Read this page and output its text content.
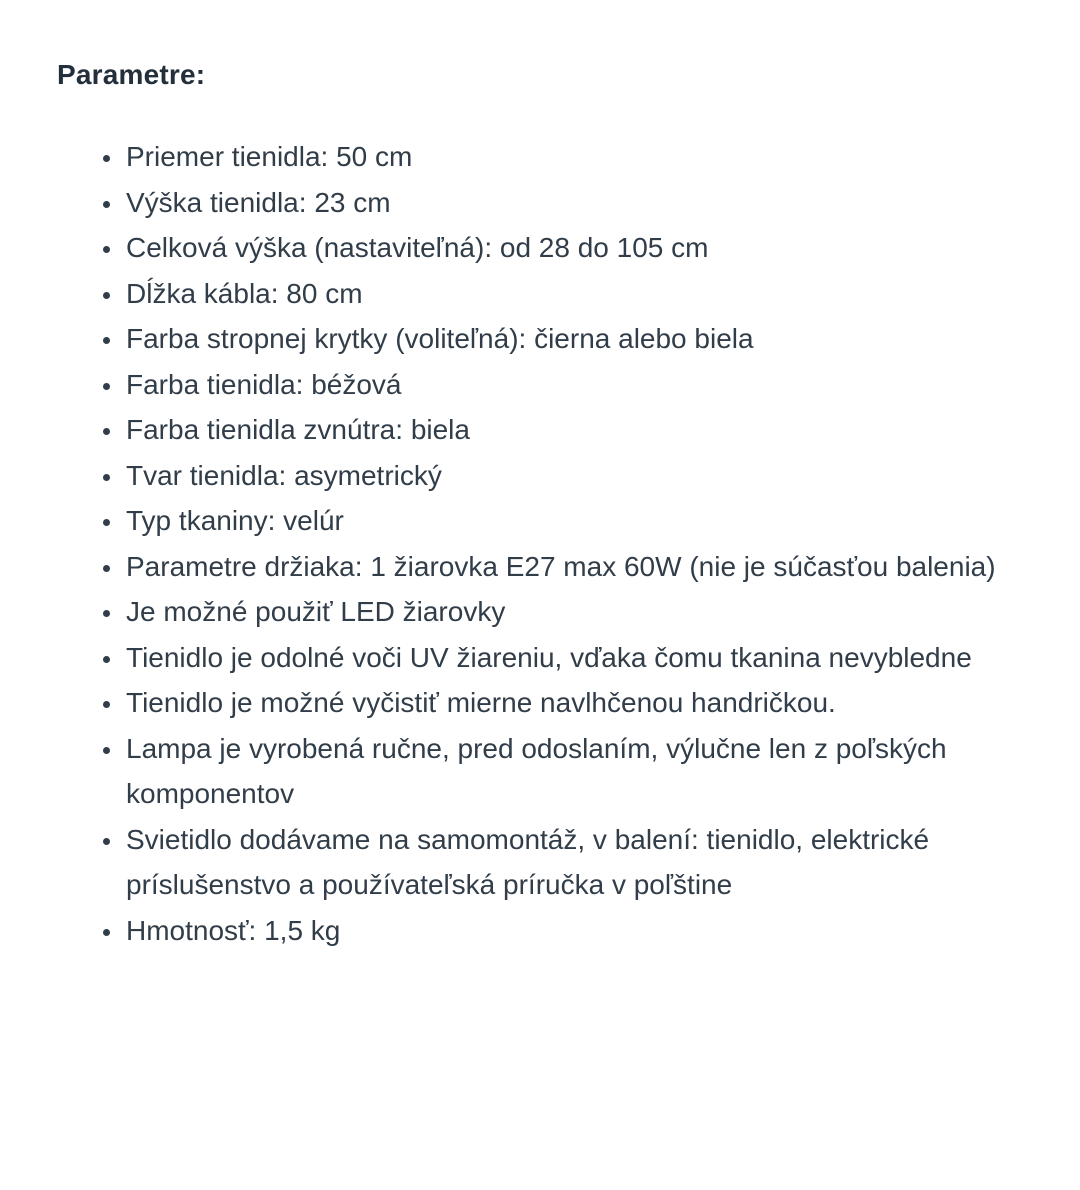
Parametre:
• Priemer tienidla: 50 cm
• Výška tienidla: 23 cm
• Celková výška (nastaviteľná): od 28 do 105 cm
• Dĺžka kábla: 80 cm
• Farba stropnej krytky (voliteľná): čierna alebo biela
• Farba tienidla: béžová
• Farba tienidla zvnútra: biela
• Tvar tienidla: asymetrický
• Typ tkaniny: velúr
• Parametre držiaka: 1 žiarovka E27 max 60W (nie je súčasťou balenia)
• Je možné použiť LED žiarovky
• Tienidlo je odolné voči UV žiareniu, vďaka čomu tkanina nevybledne
• Tienidlo je možné vyčistiť mierne navlhčenou handričkou.
• Lampa je vyrobená ručne, pred odoslaním, výlučne len z poľských komponentov
• Svietidlo dodávame na samomontáž, v balení: tienidlo, elektrické príslušenstvo a používateľská príručka v poľštine
• Hmotnosť: 1,5 kg
